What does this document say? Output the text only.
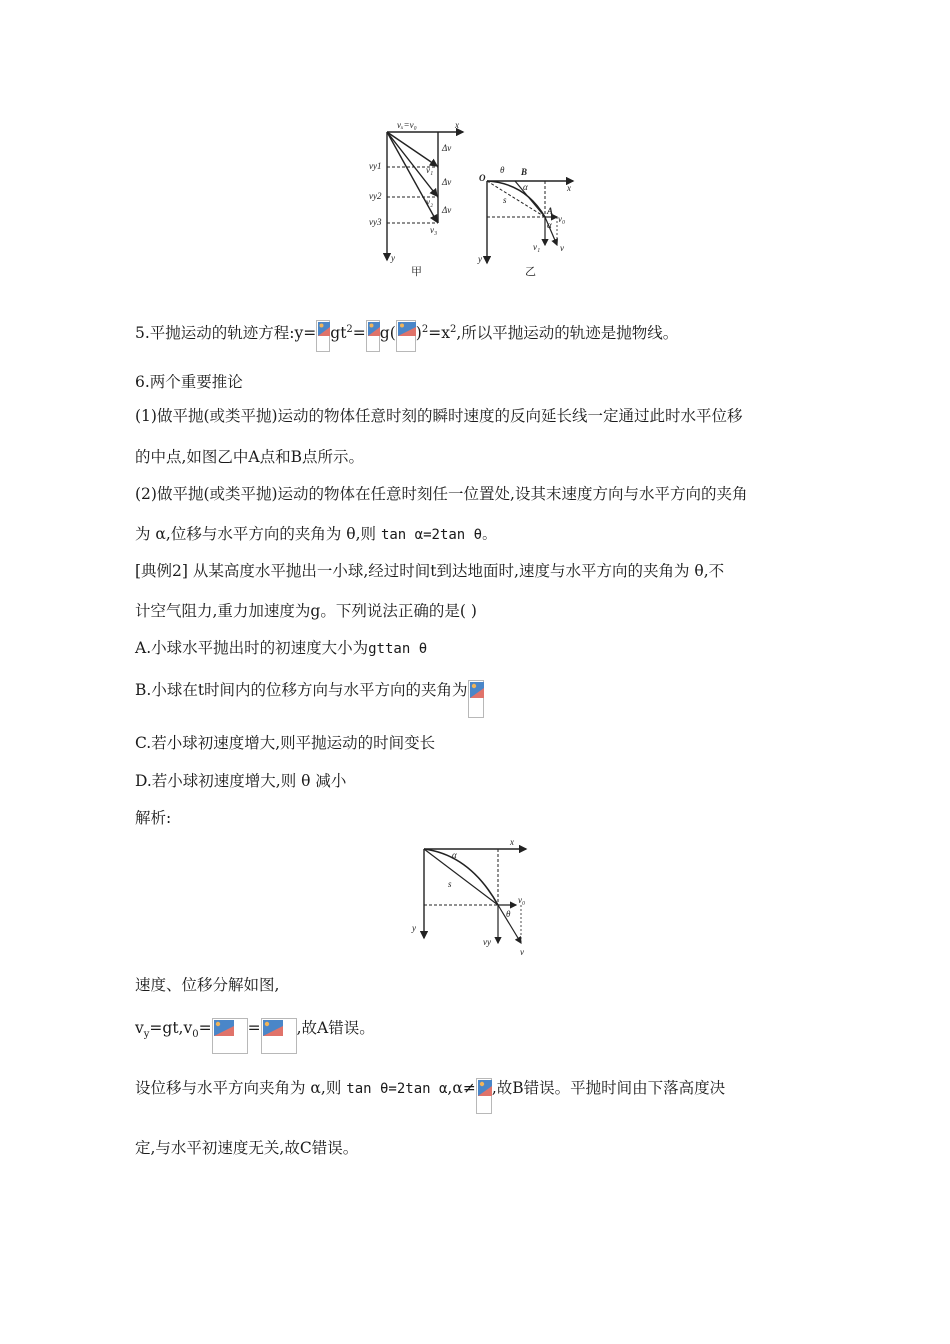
vₓ=v₀	x
y
Δv
Δv
Δv
vy1
vy2
vy3
v₁
v₂
v₃
甲
O
θ B
α
s
A
v₀
α
v₁ v
x
y
乙
5.平抛运动的轨迹方程:y= $gt^2= g$( )$^2=x^2$,所以平抛运动的轨迹是抛物线。
6.两个重要推论
(1)做平抛(或类平抛)运动的物体任意时刻的瞬时速度的反向延长线一定通过此时水平位移
的中点,如图乙中A点和B点所示。
(2)做平抛(或类平抛)运动的物体在任意时刻任一位置处,设其末速度方向与水平方向的夹角
为 α,位移与水平方向的夹角为 θ,则 tan α=2tan θ。
[典例2] 从某高度水平抛出一小球,经过时间t到达地面时,速度与水平方向的夹角为 θ,不
计空气阻力,重力加速度为g。下列说法正确的是( )
A.小球水平抛出时的初速度大小为gttan θ
B.小球在t时间内的位移方向与水平方向的夹角为
C.若小球初速度增大,则平抛运动的时间变长
D.若小球初速度增大,则 θ 减小
解析:
α
s
x
y
v₀
θ
vy
v
速度、位移分解如图,
$v_y=gt,v_0=$ = ,故A错误。
设位移与水平方向夹角为 α,则 tan θ=2tan α,α≠ ,故B错误。平抛时间由下落高度决
定,与水平初速度无关,故C错误。
